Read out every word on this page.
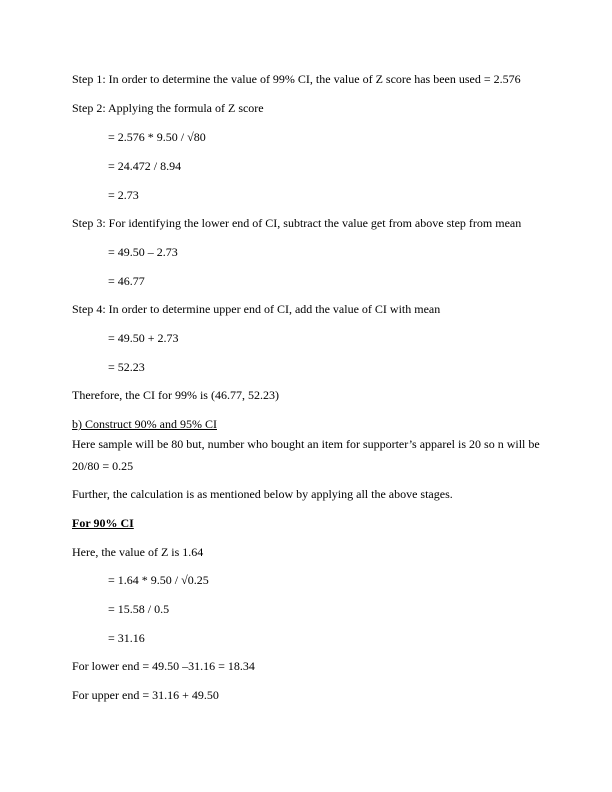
Step 1: In order to determine the value of 99% CI, the value of Z score has been used = 2.576
Step 2: Applying the formula of Z score
= 2.576 * 9.50 / √80
= 24.472 / 8.94
= 2.73
Step 3: For identifying the lower end of CI, subtract the value get from above step from mean
= 49.50 – 2.73
= 46.77
Step 4: In order to determine upper end of CI, add the value of CI with mean
= 49.50 + 2.73
= 52.23
Therefore, the CI for 99% is (46.77, 52.23)
b) Construct 90% and 95% CI
Here sample will be 80 but, number who bought an item for supporter’s apparel is 20 so n will be
20/80 = 0.25
Further, the calculation is as mentioned below by applying all the above stages.
For 90% CI
Here, the value of Z is 1.64
= 1.64 * 9.50 / √0.25
= 15.58 / 0.5
= 31.16
For lower end = 49.50 –31.16 = 18.34
For upper end = 31.16 + 49.50
